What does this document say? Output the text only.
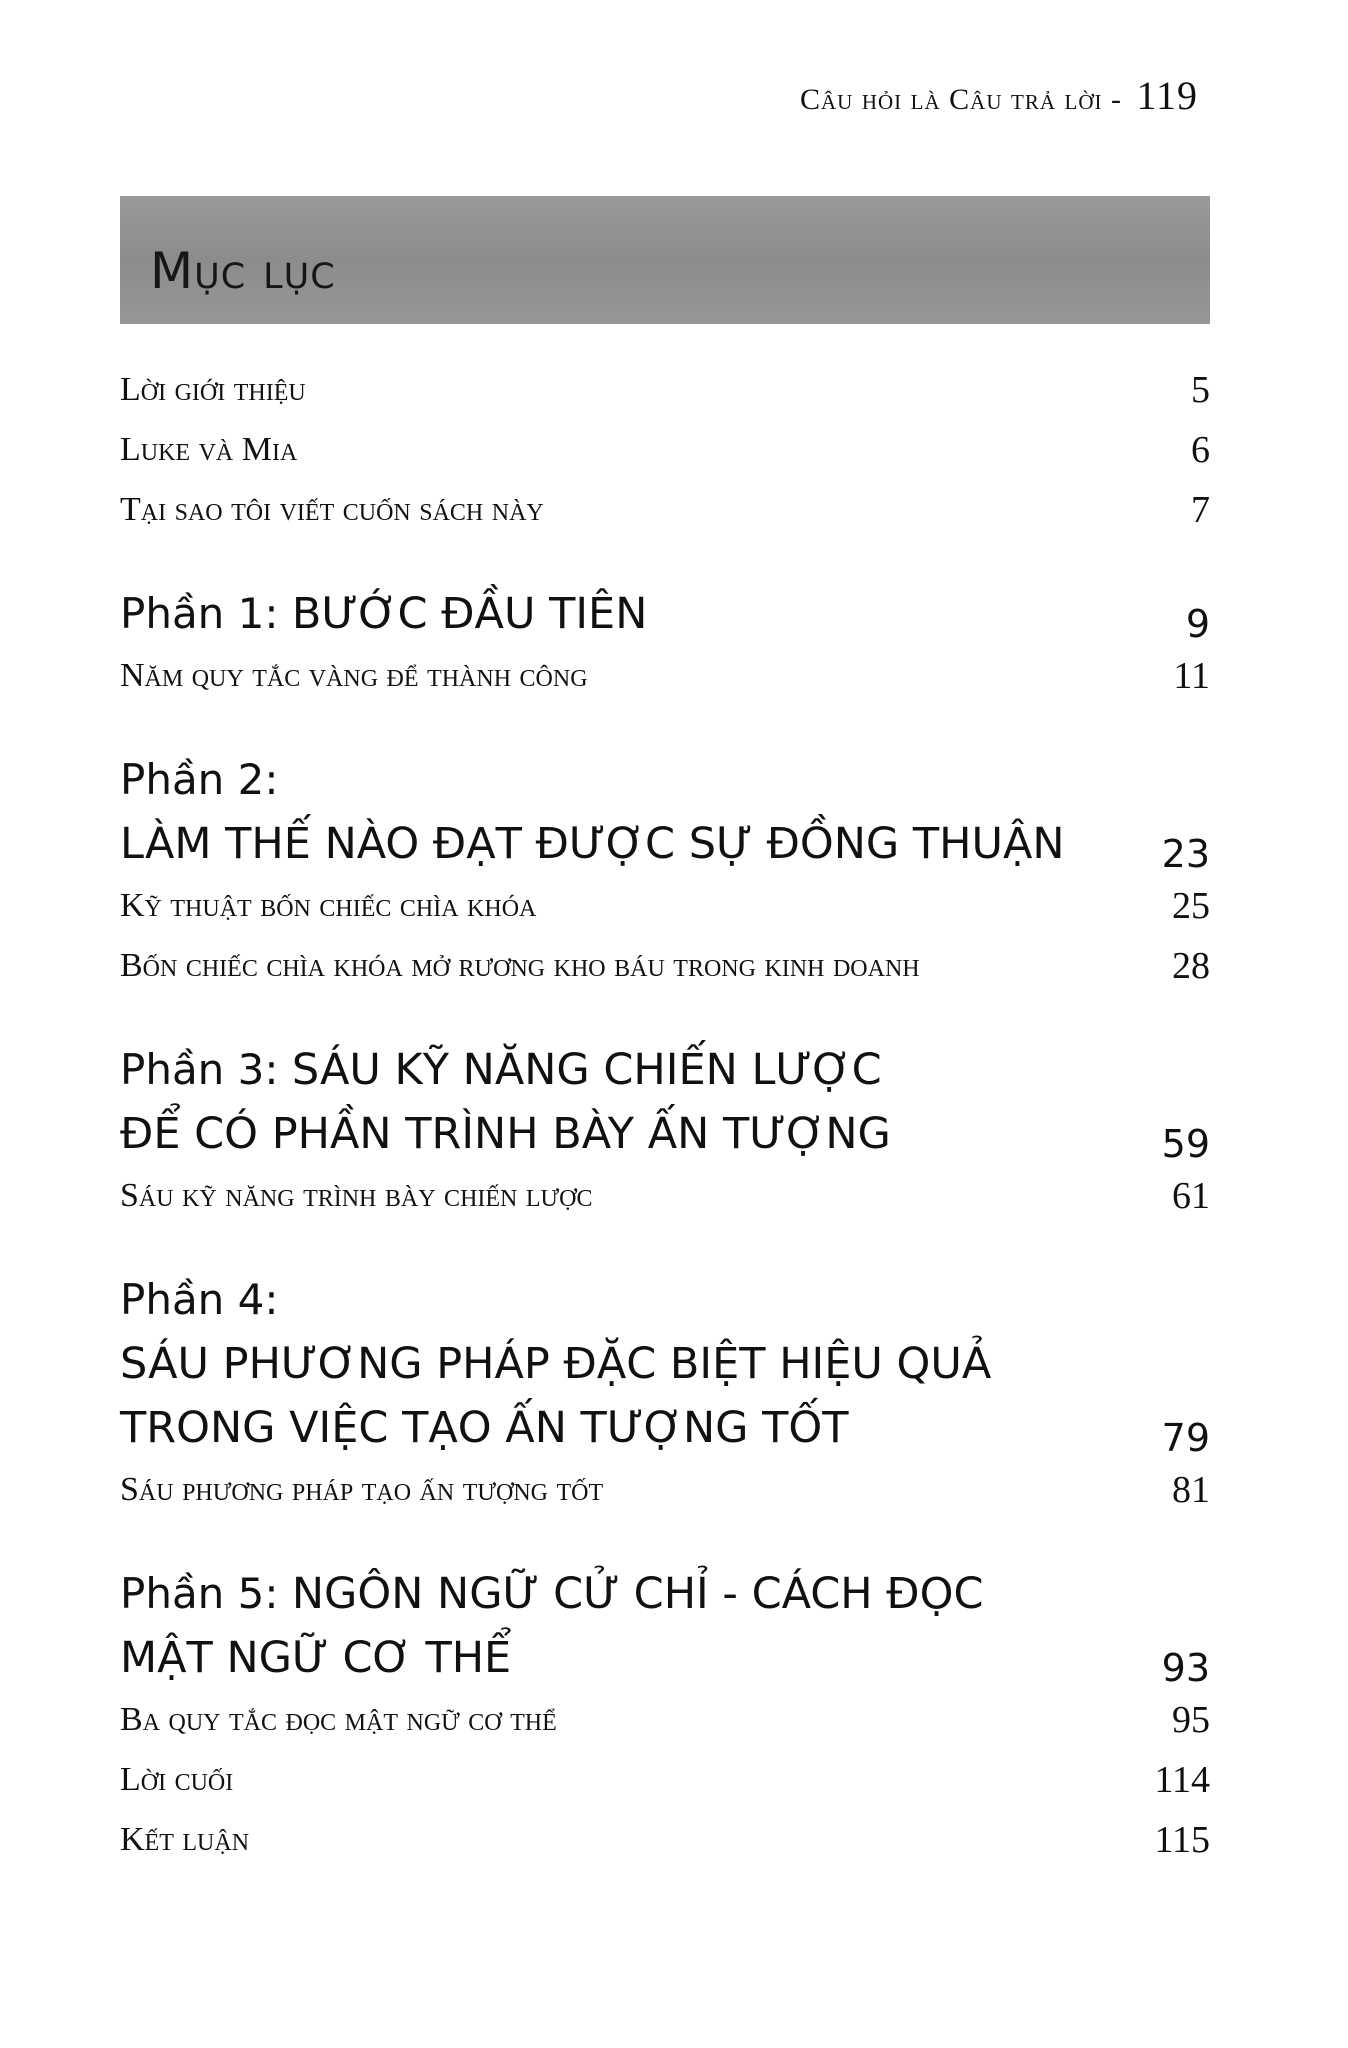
Câu hỏi là Câu trả lời - 119
Mục lục
Lời giới thiệu	5
Luke và Mia	6
Tại sao tôi viết cuốn sách này	7
Phần 1: BƯỚC ĐẦU TIÊN	9
Năm quy tắc vàng để thành công	11
Phần 2:
LÀM THẾ NÀO ĐẠT ĐƯỢC SỰ ĐỒNG THUẬN	23
Kỹ thuật bốn chiếc chìa khóa	25
Bốn chiếc chìa khóa mở rương kho báu trong kinh doanh	28
Phần 3: SÁU KỸ NĂNG CHIẾN LƯỢC
ĐỂ CÓ PHẦN TRÌNH BÀY ẤN TƯỢNG	59
Sáu kỹ năng trình bày chiến lược	61
Phần 4:
SÁU PHƯƠNG PHÁP ĐẶC BIỆT HIỆU QUẢ
TRONG VIỆC TẠO ẤN TƯỢNG TỐT	79
Sáu phương pháp tạo ấn tượng tốt	81
Phần 5: NGÔN NGỮ CỬ CHỈ - CÁCH ĐỌC
MẬT NGỮ CƠ THỂ	93
Ba quy tắc đọc mật ngữ cơ thể	95
Lời cuối	114
Kết luận	115
